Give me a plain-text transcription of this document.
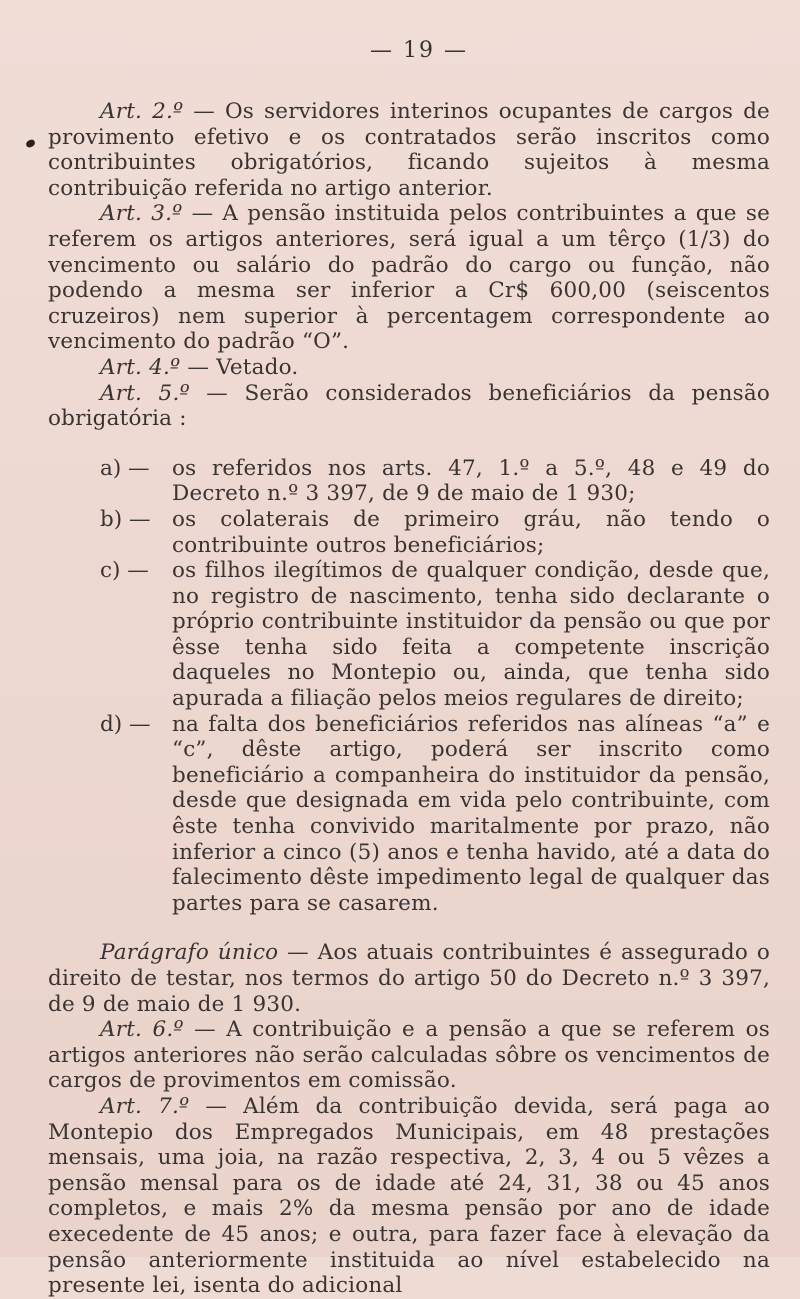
— 19 —

Art. 2.º — Os servidores interinos ocupantes de cargos de provimento efetivo e os contratados serão inscritos como contribuintes obrigatórios, ficando sujeitos à mesma contribuição referida no artigo anterior.

Art. 3.º — A pensão instituida pelos contribuintes a que se referem os artigos anteriores, será igual a um têrço (1/3) do vencimento ou salário do padrão do cargo ou função, não podendo a mesma ser inferior a Cr$ 600,00 (seiscentos cruzeiros) nem superior à percentagem correspondente ao vencimento do padrão “O”.

Art. 4.º — Vetado.

Art. 5.º — Serão considerados beneficiários da pensão obrigatória :

a) —	os referidos nos arts. 47, 1.º a 5.º, 48 e 49 do Decreto n.º 3 397, de 9 de maio de 1 930;
b) —	os colaterais de primeiro gráu, não tendo o contribuinte outros beneficiários;
c) —	os filhos ilegítimos de qualquer condição, desde que, no registro de nascimento, tenha sido declarante o próprio contribuinte instituidor da pensão ou que por êsse tenha sido feita a competente inscrição daqueles no Montepio ou, ainda, que tenha sido apurada a filiação pelos meios regulares de direito;
d) —	na falta dos beneficiários referidos nas alíneas “a” e “c”, dêste artigo, poderá ser inscrito como beneficiário a companheira do instituidor da pensão, desde que designada em vida pelo contribuinte, com êste tenha convivido maritalmente por prazo, não inferior a cinco (5) anos e tenha havido, até a data do falecimento dêste impedimento legal de qualquer das partes para se casarem.

Parágrafo único — Aos atuais contribuintes é assegurado o direito de testar, nos termos do artigo 50 do Decreto n.º 3 397, de 9 de maio de 1 930.

Art. 6.º — A contribuição e a pensão a que se referem os artigos anteriores não serão calculadas sôbre os vencimentos de cargos de provimentos em comissão.

Art. 7.º — Além da contribuição devida, será paga ao Montepio dos Empregados Municipais, em 48 prestações mensais, uma joia, na razão respectiva, 2, 3, 4 ou 5 vêzes a pensão mensal para os de idade até 24, 31, 38 ou 45 anos completos, e mais 2% da mesma pensão por ano de idade execedente de 45 anos; e outra, para fazer face à elevação da pensão anteriormente instituida ao nível estabelecido na presente lei, isenta do adicional
